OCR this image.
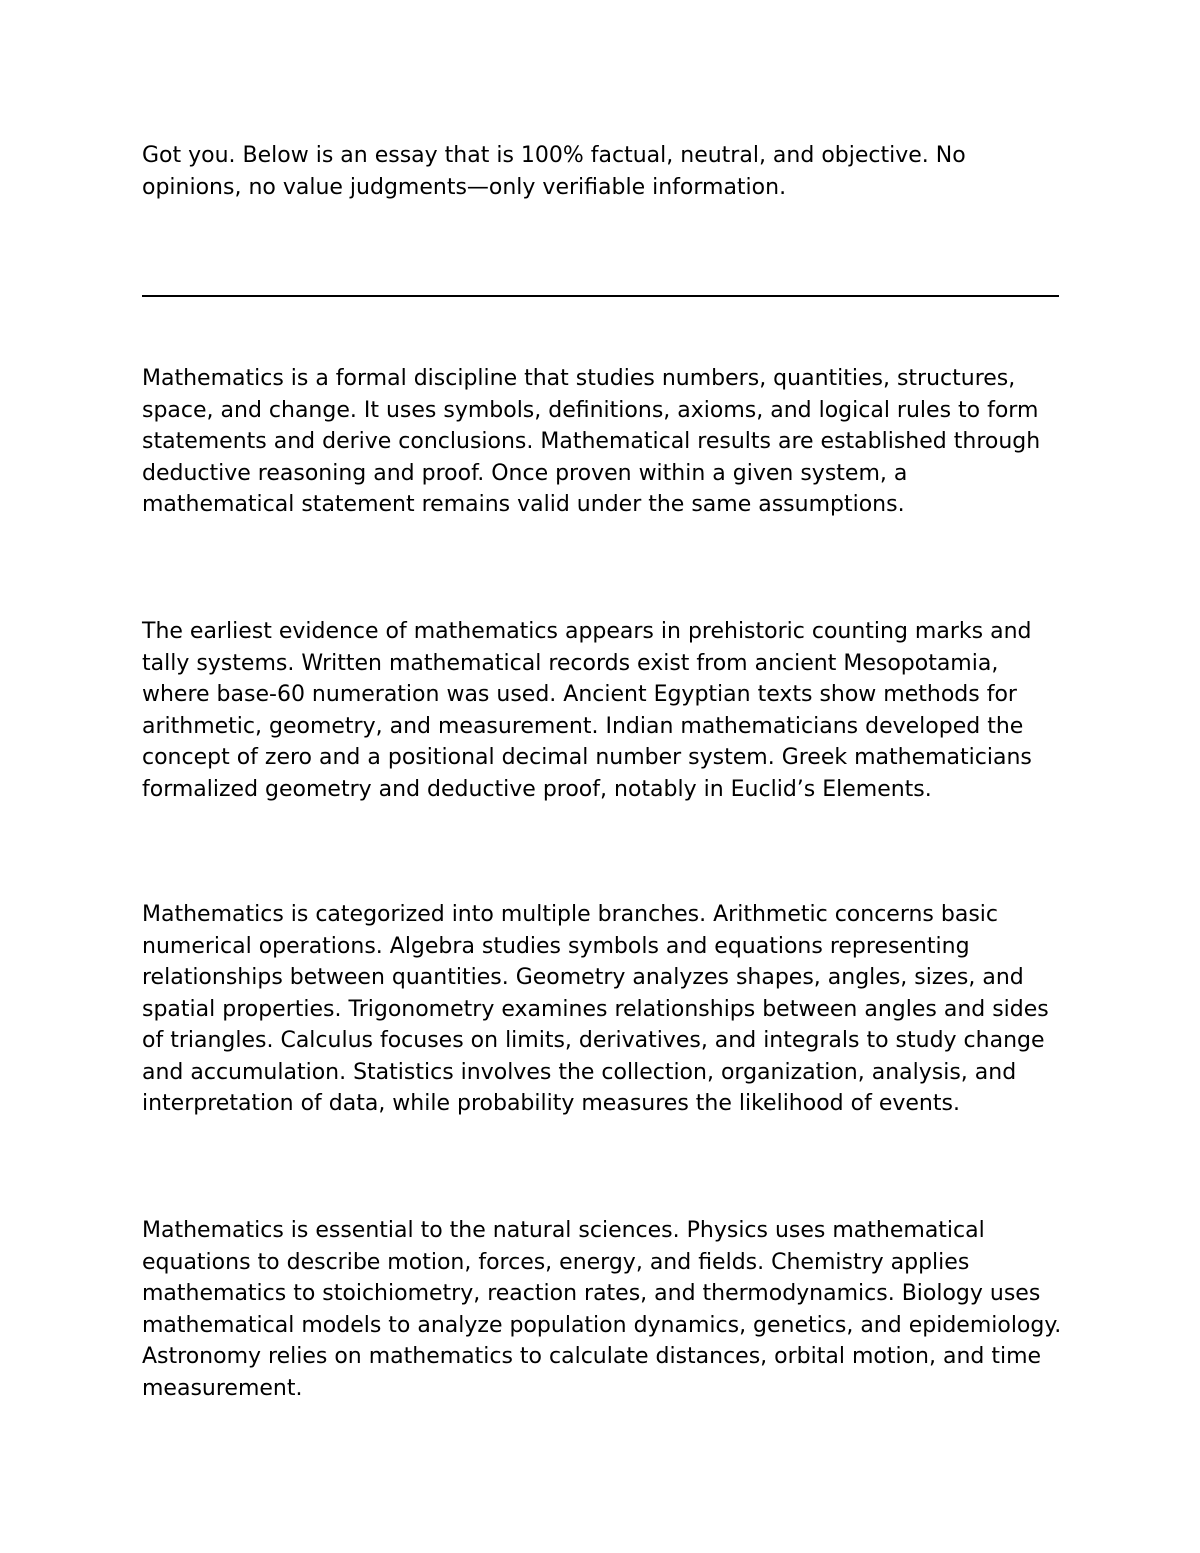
Got you. Below is an essay that is 100% factual, neutral, and objective. No opinions, no value judgments—only verifiable information.

Mathematics is a formal discipline that studies numbers, quantities, structures, space, and change. It uses symbols, definitions, axioms, and logical rules to form statements and derive conclusions. Mathematical results are established through deductive reasoning and proof. Once proven within a given system, a mathematical statement remains valid under the same assumptions.

The earliest evidence of mathematics appears in prehistoric counting marks and tally systems. Written mathematical records exist from ancient Mesopotamia, where base-60 numeration was used. Ancient Egyptian texts show methods for arithmetic, geometry, and measurement. Indian mathematicians developed the concept of zero and a positional decimal number system. Greek mathematicians formalized geometry and deductive proof, notably in Euclid’s Elements.

Mathematics is categorized into multiple branches. Arithmetic concerns basic numerical operations. Algebra studies symbols and equations representing relationships between quantities. Geometry analyzes shapes, angles, sizes, and spatial properties. Trigonometry examines relationships between angles and sides of triangles. Calculus focuses on limits, derivatives, and integrals to study change and accumulation. Statistics involves the collection, organization, analysis, and interpretation of data, while probability measures the likelihood of events.

Mathematics is essential to the natural sciences. Physics uses mathematical equations to describe motion, forces, energy, and fields. Chemistry applies mathematics to stoichiometry, reaction rates, and thermodynamics. Biology uses mathematical models to analyze population dynamics, genetics, and epidemiology. Astronomy relies on mathematics to calculate distances, orbital motion, and time measurement.
